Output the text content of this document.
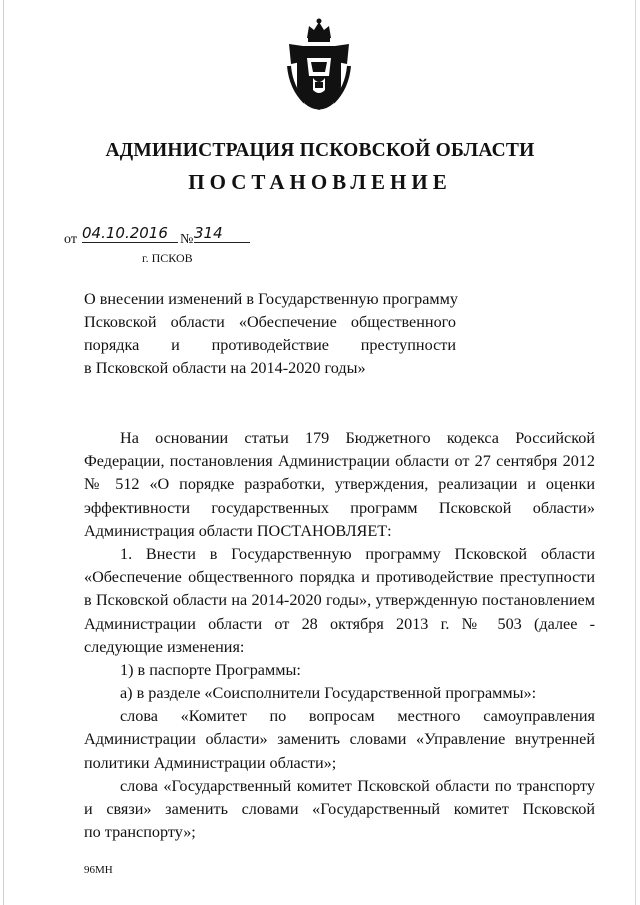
АДМИНИСТРАЦИЯ ПСКОВСКОЙ ОБЛАСТИ
ПОСТАНОВЛЕНИЕ
от 04.10.2016 № 314
г. ПСКОВ
О внесении изменений в Государственную программу
Псковской области «Обеспечение общественного
порядка и противодействие преступности
в Псковской области на 2014-2020 годы»
На основании статьи 179 Бюджетного кодекса Российской
Федерации, постановления Администрации области от 27 сентября 2012
№ 512 «О порядке разработки, утверждения, реализации и оценки
эффективности государственных программ Псковской области»
Администрация области ПОСТАНОВЛЯЕТ:
1. Внести в Государственную программу Псковской области
«Обеспечение общественного порядка и противодействие преступности
в Псковской области на 2014-2020 годы», утвержденную постановлением
Администрации области от 28 октября 2013 г. № 503 (далее -
следующие изменения:
1) в паспорте Программы:
а) в разделе «Соисполнители Государственной программы»:
слова «Комитет по вопросам местного самоуправления
Администрации области» заменить словами «Управление внутренней
политики Администрации области»;
слова «Государственный комитет Псковской области по транспорту
и связи» заменить словами «Государственный комитет Псковской
по транспорту»;
96МН
